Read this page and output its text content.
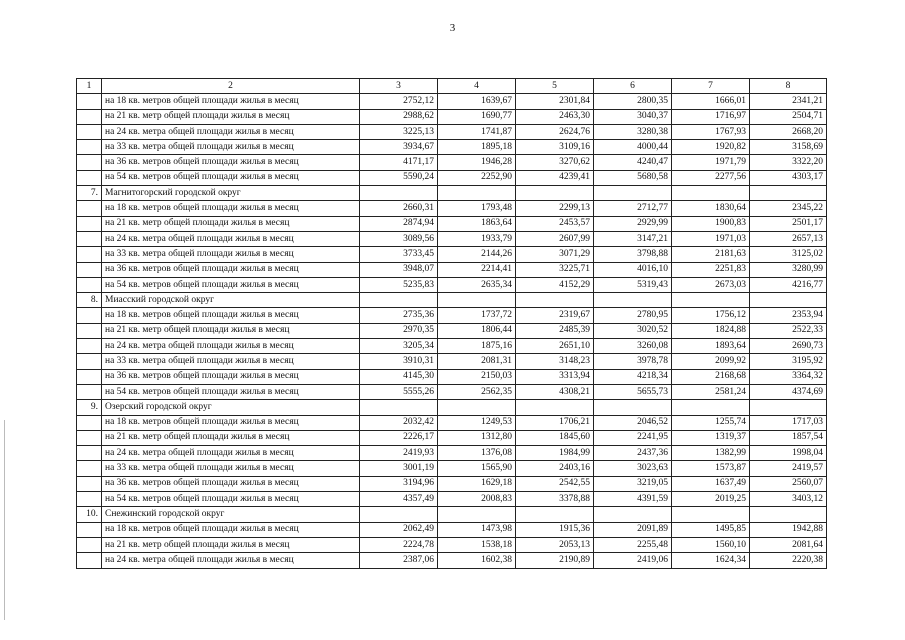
3
1	2	3	4	5	6	7	8
	на 18 кв. метров общей площади жилья в месяц	2752,12	1639,67	2301,84	2800,35	1666,01	2341,21
	на 21 кв. метр общей площади жилья в месяц	2988,62	1690,77	2463,30	3040,37	1716,97	2504,71
	на 24 кв. метра общей площади жилья в месяц	3225,13	1741,87	2624,76	3280,38	1767,93	2668,20
	на 33 кв. метра общей площади жилья в месяц	3934,67	1895,18	3109,16	4000,44	1920,82	3158,69
	на 36 кв. метров общей площади жилья в месяц	4171,17	1946,28	3270,62	4240,47	1971,79	3322,20
	на 54 кв. метров общей площади жилья в месяц	5590,24	2252,90	4239,41	5680,58	2277,56	4303,17
7.	Магнитогорский городской округ						
	на 18 кв. метров общей площади жилья в месяц	2660,31	1793,48	2299,13	2712,77	1830,64	2345,22
	на 21 кв. метр общей площади жилья в месяц	2874,94	1863,64	2453,57	2929,99	1900,83	2501,17
	на 24 кв. метра общей площади жилья в месяц	3089,56	1933,79	2607,99	3147,21	1971,03	2657,13
	на 33 кв. метра общей площади жилья в месяц	3733,45	2144,26	3071,29	3798,88	2181,63	3125,02
	на 36 кв. метров общей площади жилья в месяц	3948,07	2214,41	3225,71	4016,10	2251,83	3280,99
	на 54 кв. метров общей площади жилья в месяц	5235,83	2635,34	4152,29	5319,43	2673,03	4216,77
8.	Миасский городской округ						
	на 18 кв. метров общей площади жилья в месяц	2735,36	1737,72	2319,67	2780,95	1756,12	2353,94
	на 21 кв. метр общей площади жилья в месяц	2970,35	1806,44	2485,39	3020,52	1824,88	2522,33
	на 24 кв. метра общей площади жилья в месяц	3205,34	1875,16	2651,10	3260,08	1893,64	2690,73
	на 33 кв. метра общей площади жилья в месяц	3910,31	2081,31	3148,23	3978,78	2099,92	3195,92
	на 36 кв. метров общей площади жилья в месяц	4145,30	2150,03	3313,94	4218,34	2168,68	3364,32
	на 54 кв. метров общей площади жилья в месяц	5555,26	2562,35	4308,21	5655,73	2581,24	4374,69
9.	Озерский городской округ						
	на 18 кв. метров общей площади жилья в месяц	2032,42	1249,53	1706,21	2046,52	1255,74	1717,03
	на 21 кв. метр общей площади жилья в месяц	2226,17	1312,80	1845,60	2241,95	1319,37	1857,54
	на 24 кв. метра общей площади жилья в месяц	2419,93	1376,08	1984,99	2437,36	1382,99	1998,04
	на 33 кв. метра общей площади жилья в месяц	3001,19	1565,90	2403,16	3023,63	1573,87	2419,57
	на 36 кв. метров общей площади жилья в месяц	3194,96	1629,18	2542,55	3219,05	1637,49	2560,07
	на 54 кв. метров общей площади жилья в месяц	4357,49	2008,83	3378,88	4391,59	2019,25	3403,12
10.	Снежинский городской округ						
	на 18 кв. метров общей площади жилья в месяц	2062,49	1473,98	1915,36	2091,89	1495,85	1942,88
	на 21 кв. метр общей площади жилья в месяц	2224,78	1538,18	2053,13	2255,48	1560,10	2081,64
	на 24 кв. метра общей площади жилья в месяц	2387,06	1602,38	2190,89	2419,06	1624,34	2220,38
